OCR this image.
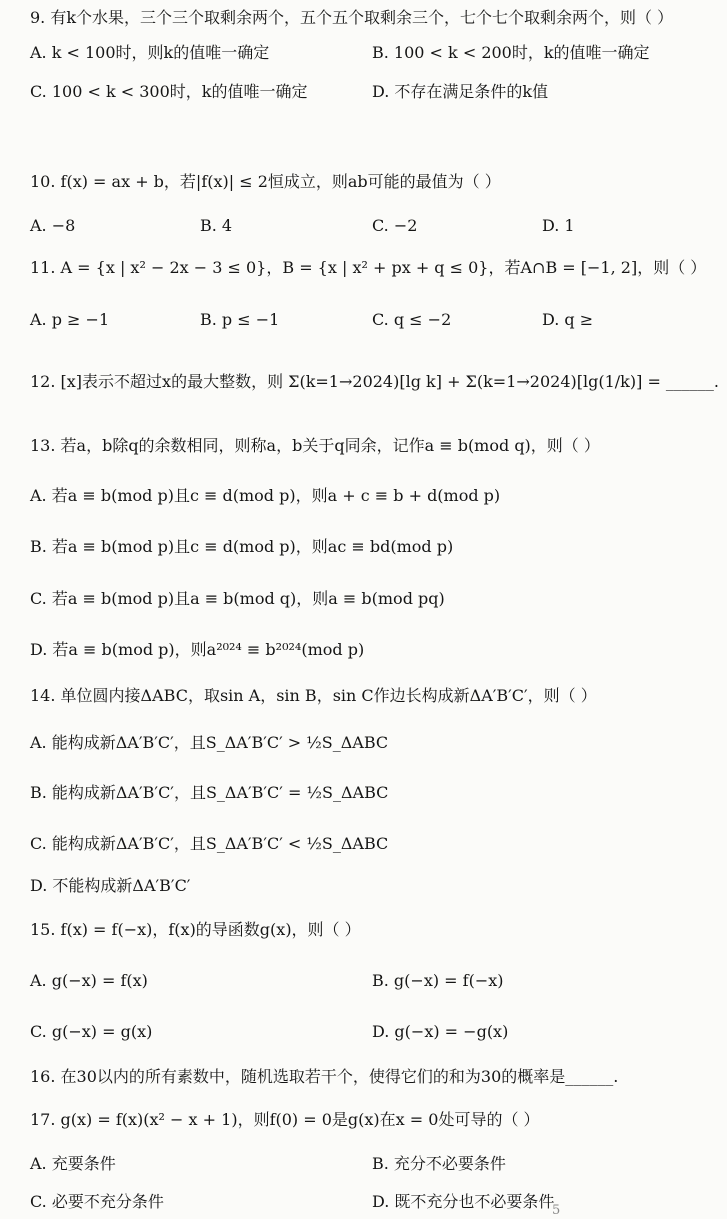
9. 有k个水果，三个三个取剩余两个，五个五个取剩余三个，七个七个取剩余两个，则（ ）
A. k < 100时，则k的值唯一确定	B. 100 < k < 200时，k的值唯一确定
C. 100 < k < 300时，k的值唯一确定	D. 不存在满足条件的k值
10. f(x) = ax + b，若|f(x)| ≤ 2恒成立，则ab可能的最值为（ ）
A. −8	B. 4	C. −2	D. 1
11. A = {x | x² − 2x − 3 ≤ 0}，B = {x | x² + px + q ≤ 0}，若A∩B = [−1, 2]，则（ ）
A. p ≥ −1	B. p ≤ −1	C. q ≤ −2	D. q ≥
12. [x]表示不超过x的最大整数，则 Σ(k=1→2024)[lg k] + Σ(k=1→2024)[lg(1/k)] = ______.
13. 若a，b除q的余数相同，则称a，b关于q同余，记作a ≡ b(mod q)，则（ ）
A. 若a ≡ b(mod p)且c ≡ d(mod p)，则a + c ≡ b + d(mod p)
B. 若a ≡ b(mod p)且c ≡ d(mod p)，则ac ≡ bd(mod p)
C. 若a ≡ b(mod p)且a ≡ b(mod q)，则a ≡ b(mod pq)
D. 若a ≡ b(mod p)，则a²⁰²⁴ ≡ b²⁰²⁴(mod p)
14. 单位圆内接ΔABC，取sin A，sin B，sin C作边长构成新ΔA′B′C′，则（ ）
A. 能构成新ΔA′B′C′，且S_ΔA′B′C′ > ½S_ΔABC
B. 能构成新ΔA′B′C′，且S_ΔA′B′C′ = ½S_ΔABC
C. 能构成新ΔA′B′C′，且S_ΔA′B′C′ < ½S_ΔABC
D. 不能构成新ΔA′B′C′
15. f(x) = f(−x)，f(x)的导函数g(x)，则（ ）
A. g(−x) = f(x)	B. g(−x) = f(−x)
C. g(−x) = g(x)	D. g(−x) = −g(x)
16. 在30以内的所有素数中，随机选取若干个，使得它们的和为30的概率是______.
17. g(x) = f(x)(x² − x + 1)，则f(0) = 0是g(x)在x = 0处可导的（ ）
A. 充要条件	B. 充分不必要条件
C. 必要不充分条件	D. 既不充分也不必要条件
5
